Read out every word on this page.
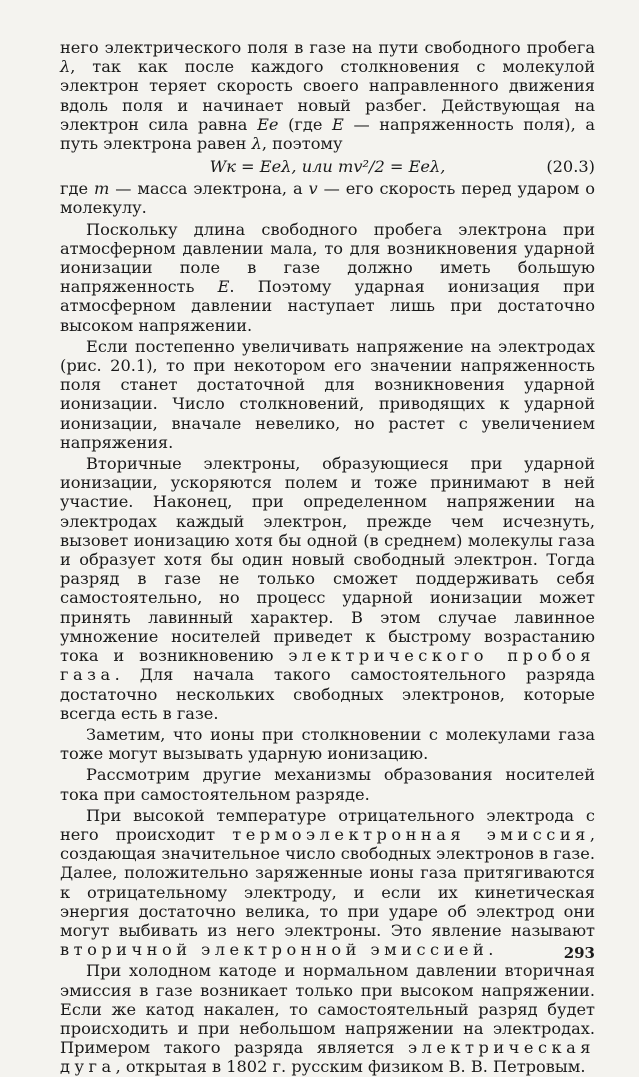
него электрического поля в газе на пути свободного пробега λ, так как после каждого столкновения с молекулой электрон теряет скорость своего направленного движения вдоль поля и начинает новый разбег. Действующая на электрон сила равна Ee (где E — напряженность поля), а путь электрона равен λ, поэтому

Wк = Eeλ, или mv²/2 = Eeλ,	(20.3)

где m — масса электрона, а v — его скорость перед ударом о молекулу.

Поскольку длина свободного пробега электрона при атмосферном давлении мала, то для возникновения ударной ионизации поле в газе должно иметь большую напряженность E. Поэтому ударная ионизация при атмосферном давлении наступает лишь при достаточно высоком напряжении.

Если постепенно увеличивать напряжение на электродах (рис. 20.1), то при некотором его значении напряженность поля станет достаточной для возникновения ударной ионизации. Число столкновений, приводящих к ударной ионизации, вначале невелико, но растет с увеличением напряжения.

Вторичные электроны, образующиеся при ударной ионизации, ускоряются полем и тоже принимают в ней участие. Наконец, при определенном напряжении на электродах каждый электрон, прежде чем исчезнуть, вызовет ионизацию хотя бы одной (в среднем) молекулы газа и образует хотя бы один новый свободный электрон. Тогда разряд в газе не только сможет поддерживать себя самостоятельно, но процесс ударной ионизации может принять лавинный характер. В этом случае лавинное умножение носителей приведет к быстрому возрастанию тока и возникновению электрического пробоя газа. Для начала такого самостоятельного разряда достаточно нескольких свободных электронов, которые всегда есть в газе.

Заметим, что ионы при столкновении с молекулами газа тоже могут вызывать ударную ионизацию.

Рассмотрим другие механизмы образования носителей тока при самостоятельном разряде.

При высокой температуре отрицательного электрода с него происходит термоэлектронная эмиссия, создающая значительное число свободных электронов в газе. Далее, положительно заряженные ионы газа притягиваются к отрицательному электроду, и если их кинетическая энергия достаточно велика, то при ударе об электрод они могут выбивать из него электроны. Это явление называют вторичной электронной эмиссией.

При холодном катоде и нормальном давлении вторичная эмиссия в газе возникает только при высоком напряжении. Если же катод накален, то самостоятельный разряд будет происходить и при небольшом напряжении на электродах. Примером такого разряда является электрическая дуга, открытая в 1802 г. русским физиком В. В. Петровым.

293
